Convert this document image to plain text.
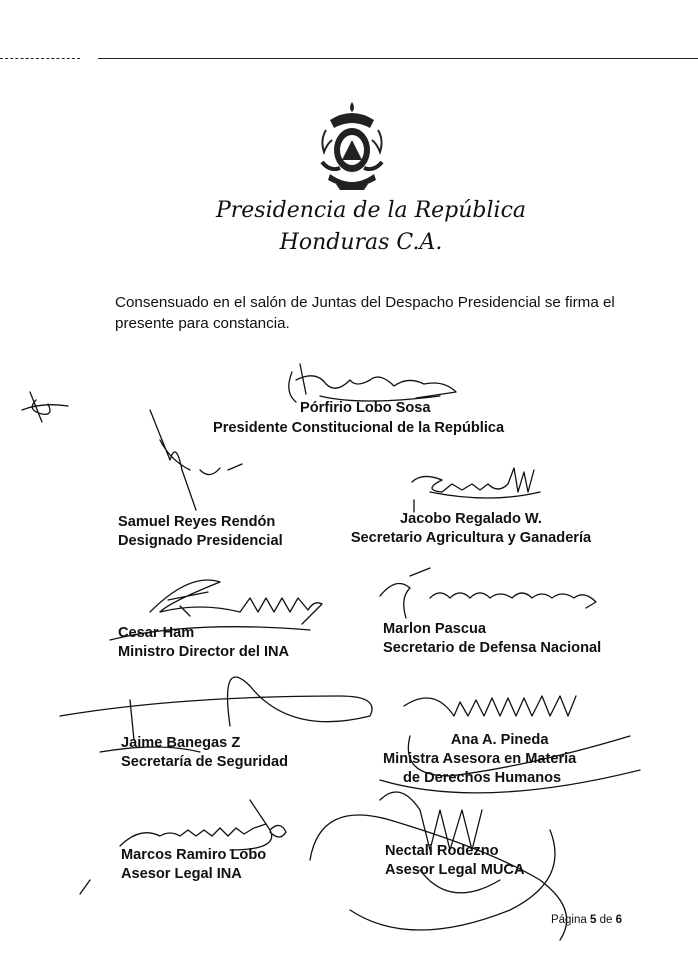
Presidencia de la República
Honduras C.A.
Consensuado en el salón de Juntas del Despacho Presidencial se firma el presente para constancia.
Pórfirio Lobo Sosa
Presidente Constitucional de la República
Samuel Reyes Rendón
Designado Presidencial
Jacobo Regalado W.
Secretario Agricultura y Ganadería
Cesar Ham
Ministro Director del INA
Marlon Pascua
Secretario de Defensa Nacional
Jaime Banegas Z
Secretaría de Seguridad
Ana A. Pineda
Ministra Asesora en Materia
de Derechos Humanos
Marcos Ramiro Lobo
Asesor Legal INA
Nectali Rodezno
Asesor Legal MUCA
Página 5 de 6
